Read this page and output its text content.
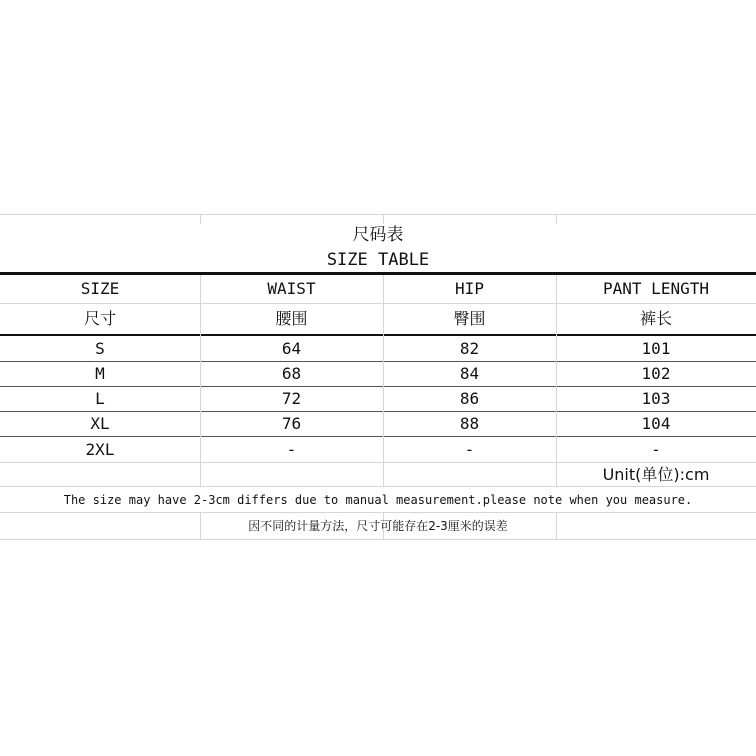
尺码表
SIZE TABLE
SIZE	WAIST	HIP	PANT LENGTH
尺寸	腰围	臀围	裤长
S	64	82	101
M	68	84	102
L	72	86	103
XL	76	88	104
2XL	-	-	-
Unit(单位):cm
The size may have 2-3cm differs due to manual measurement.please note when you measure.
因不同的计量方法，尺寸可能存在2-3厘米的误差
